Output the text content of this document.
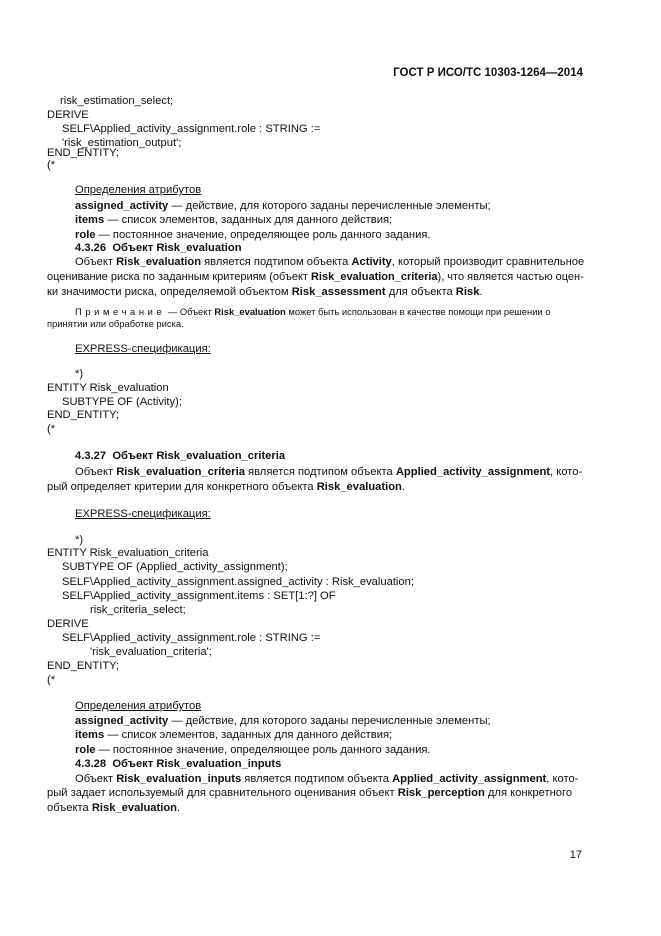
ГОСТ Р ИСО/ТС 10303-1264—2014
risk_estimation_select;
DERIVE
SELF\Applied_activity_assignment.role : STRING :=
'risk_estimation_output';
END_ENTITY;
(*
Определения атрибутов
assigned_activity — действие, для которого заданы перечисленные элементы;
items — список элементов, заданных для данного действия;
role — постоянное значение, определяющее роль данного задания.
4.3.26 Объект Risk_evaluation
Объект Risk_evaluation является подтипом объекта Activity, который производит сравнительное
оценивание риска по заданным критериям (объект Risk_evaluation_criteria), что является частью оцен-
ки значимости риска, определяемой объектом Risk_assessment для объекта Risk.
Примечание — Объект Risk_evaluation может быть использован в качестве помощи при решении о
принятии или обработке риска.
EXPRESS-спецификация:
*)
ENTITY Risk_evaluation
SUBTYPE OF (Activity);
END_ENTITY;
(*
4.3.27 Объект Risk_evaluation_criteria
Объект Risk_evaluation_criteria является подтипом объекта Applied_activity_assignment, кото-
рый определяет критерии для конкретного объекта Risk_evaluation.
EXPRESS-спецификация:
*)
ENTITY Risk_evaluation_criteria
SUBTYPE OF (Applied_activity_assignment);
SELF\Applied_activity_assignment.assigned_activity : Risk_evaluation;
SELF\Applied_activity_assignment.items : SET[1:?] OF
risk_criteria_select;
DERIVE
SELF\Applied_activity_assignment.role : STRING :=
'risk_evaluation_criteria';
END_ENTITY;
(*
Определения атрибутов
assigned_activity — действие, для которого заданы перечисленные элементы;
items — список элементов, заданных для данного действия;
role — постоянное значение, определяющее роль данного задания.
4.3.28 Объект Risk_evaluation_inputs
Объект Risk_evaluation_inputs является подтипом объекта Applied_activity_assignment, кото-
рый задает используемый для сравнительного оценивания объект Risk_perception для конкретного
объекта Risk_evaluation.
17
